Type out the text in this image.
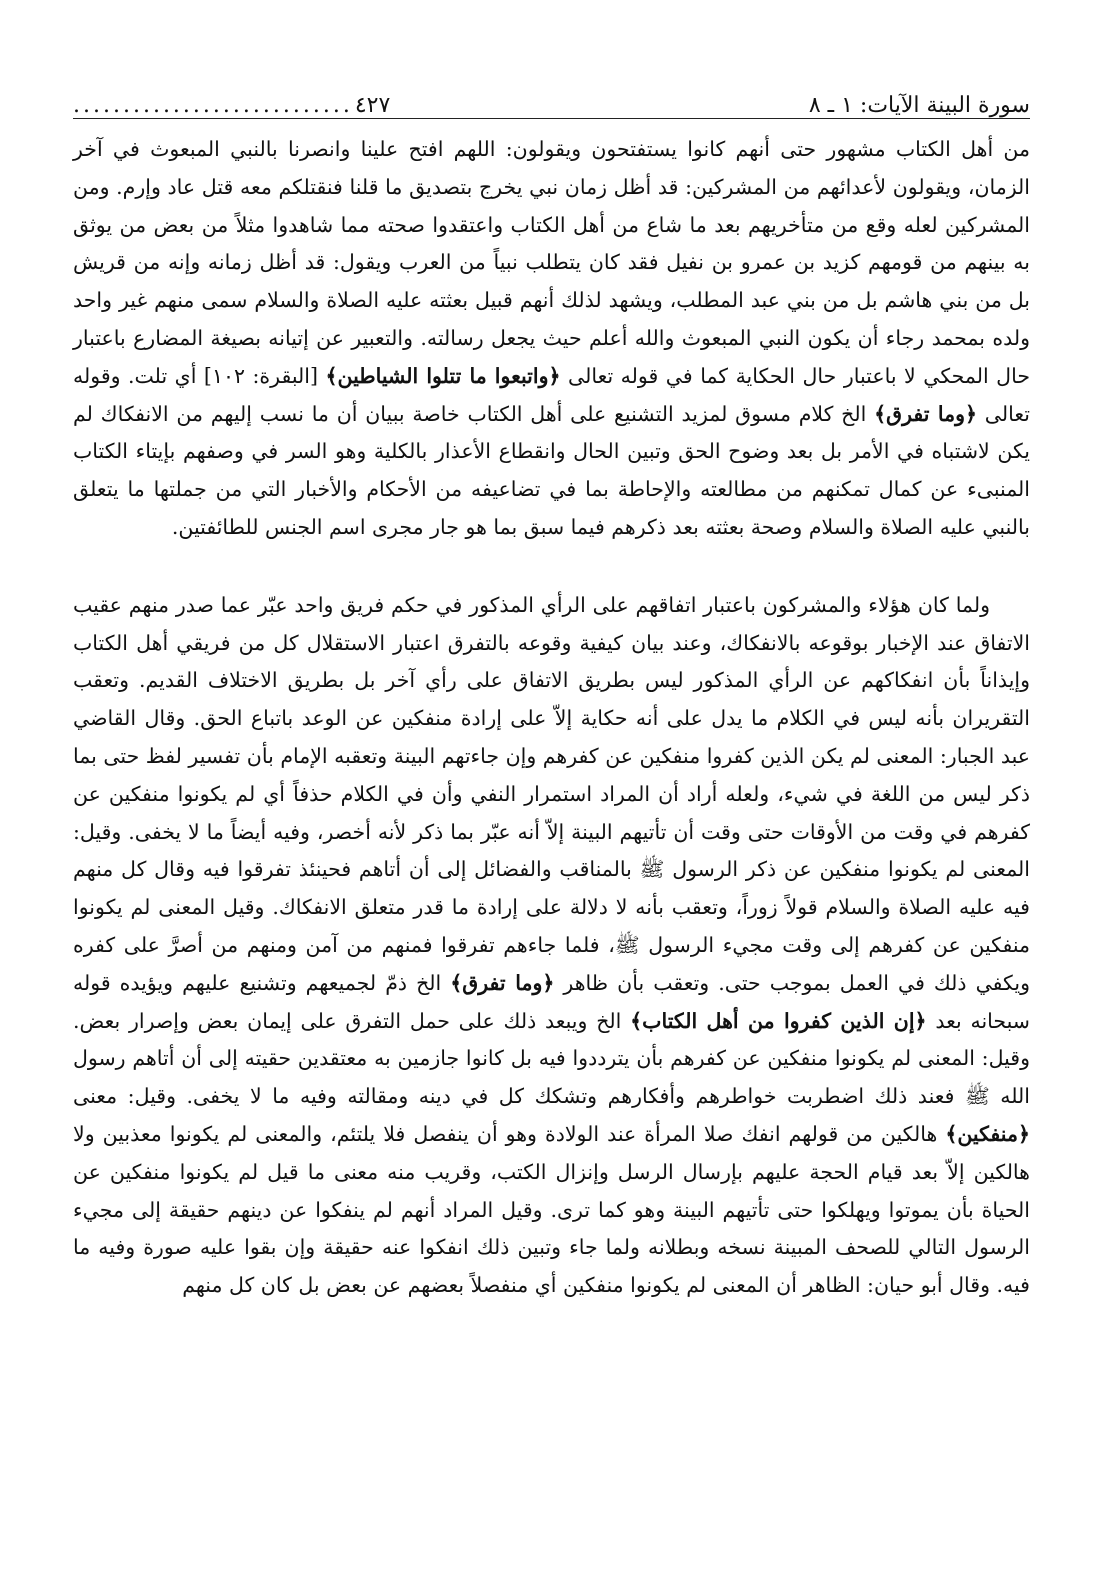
٤٢٧
............................	سورة البينة الآيات: ١ ـ ٨

من أهل الكتاب مشهور حتى أنهم كانوا يستفتحون ويقولون: اللهم افتح علينا وانصرنا بالنبي المبعوث في آخر الزمان، ويقولون لأعدائهم من المشركين: قد أظل زمان نبي يخرج بتصديق ما قلنا فنقتلكم معه قتل عاد وإرم. ومن المشركين لعله وقع من متأخريهم بعد ما شاع من أهل الكتاب واعتقدوا صحته مما شاهدوا مثلاً من بعض من يوثق به بينهم من قومهم كزيد بن عمرو بن نفيل فقد كان يتطلب نبياً من العرب ويقول: قد أظل زمانه وإنه من قريش بل من بني هاشم بل من بني عبد المطلب، ويشهد لذلك أنهم قبيل بعثته عليه الصلاة والسلام سمى منهم غير واحد ولده بمحمد رجاء أن يكون النبي المبعوث والله أعلم حيث يجعل رسالته. والتعبير عن إتيانه بصيغة المضارع باعتبار حال المحكي لا باعتبار حال الحكاية كما في قوله تعالى ﴿واتبعوا ما تتلوا الشياطين﴾ [البقرة: ١٠٢] أي تلت. وقوله تعالى ﴿وما تفرق﴾ الخ كلام مسوق لمزيد التشنيع على أهل الكتاب خاصة ببيان أن ما نسب إليهم من الانفكاك لم يكن لاشتباه في الأمر بل بعد وضوح الحق وتبين الحال وانقطاع الأعذار بالكلية وهو السر في وصفهم بإيتاء الكتاب المنبىء عن كمال تمكنهم من مطالعته والإحاطة بما في تضاعيفه من الأحكام والأخبار التي من جملتها ما يتعلق بالنبي عليه الصلاة والسلام وصحة بعثته بعد ذكرهم فيما سبق بما هو جار مجرى اسم الجنس للطائفتين.

ولما كان هؤلاء والمشركون باعتبار اتفاقهم على الرأي المذكور في حكم فريق واحد عبّر عما صدر منهم عقيب الاتفاق عند الإخبار بوقوعه بالانفكاك، وعند بيان كيفية وقوعه بالتفرق اعتبار الاستقلال كل من فريقي أهل الكتاب وإيذاناً بأن انفكاكهم عن الرأي المذكور ليس بطريق الاتفاق على رأي آخر بل بطريق الاختلاف القديم. وتعقب التقريران بأنه ليس في الكلام ما يدل على أنه حكاية إلاّ على إرادة منفكين عن الوعد باتباع الحق. وقال القاضي عبد الجبار: المعنى لم يكن الذين كفروا منفكين عن كفرهم وإن جاءتهم البينة وتعقبه الإمام بأن تفسير لفظ حتى بما ذكر ليس من اللغة في شيء، ولعله أراد أن المراد استمرار النفي وأن في الكلام حذفاً أي لم يكونوا منفكين عن كفرهم في وقت من الأوقات حتى وقت أن تأتيهم البينة إلاّ أنه عبّر بما ذكر لأنه أخصر، وفيه أيضاً ما لا يخفى. وقيل: المعنى لم يكونوا منفكين عن ذكر الرسول ﷺ بالمناقب والفضائل إلى أن أتاهم فحينئذ تفرقوا فيه وقال كل منهم فيه عليه الصلاة والسلام قولاً زوراً، وتعقب بأنه لا دلالة على إرادة ما قدر متعلق الانفكاك. وقيل المعنى لم يكونوا منفكين عن كفرهم إلى وقت مجيء الرسول ﷺ، فلما جاءهم تفرقوا فمنهم من آمن ومنهم من أصرَّ على كفره ويكفي ذلك في العمل بموجب حتى. وتعقب بأن ظاهر ﴿وما تفرق﴾ الخ ذمّ لجميعهم وتشنيع عليهم ويؤيده قوله سبحانه بعد ﴿إن الذين كفروا من أهل الكتاب﴾ الخ ويبعد ذلك على حمل التفرق على إيمان بعض وإصرار بعض. وقيل: المعنى لم يكونوا منفكين عن كفرهم بأن يترددوا فيه بل كانوا جازمين به معتقدين حقيته إلى أن أتاهم رسول الله ﷺ فعند ذلك اضطربت خواطرهم وأفكارهم وتشكك كل في دينه ومقالته وفيه ما لا يخفى. وقيل: معنى ﴿منفكين﴾ هالكين من قولهم انفك صلا المرأة عند الولادة وهو أن ينفصل فلا يلتئم، والمعنى لم يكونوا معذبين ولا هالكين إلاّ بعد قيام الحجة عليهم بإرسال الرسل وإنزال الكتب، وقريب منه معنى ما قيل لم يكونوا منفكين عن الحياة بأن يموتوا ويهلكوا حتى تأتيهم البينة وهو كما ترى. وقيل المراد أنهم لم ينفكوا عن دينهم حقيقة إلى مجيء الرسول التالي للصحف المبينة نسخه وبطلانه ولما جاء وتبين ذلك انفكوا عنه حقيقة وإن بقوا عليه صورة وفيه ما فيه. وقال أبو حيان: الظاهر أن المعنى لم يكونوا منفكين أي منفصلاً بعضهم عن بعض بل كان كل منهم
